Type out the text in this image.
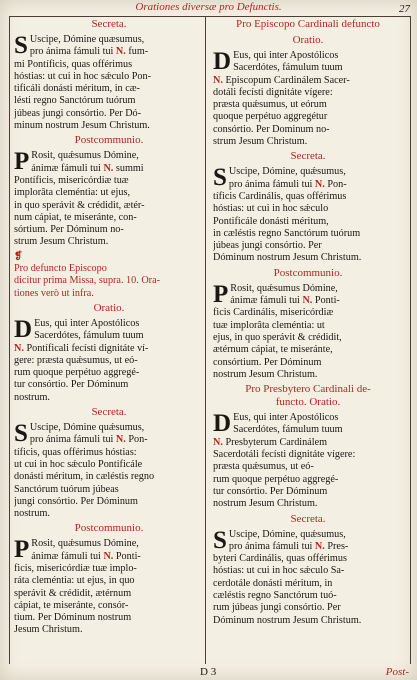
Orationes diversæ pro Defunctis.	27
Secreta.
S Uscipe, Dómine quæsumus,
pro ánima fámuli tui N. fum-
mi Pontíficis, quas offérimus
hóstias: ut cui in hoc sǽculo Pon-
tificáli donásti méritum, in cæ-
lésti regno Sanctórum tuórum
júbeas jungi consórtio. Per Dó-
minum nostrum Jesum Christum.
Postcommunio.
P Rosit, quǽsumus Dómine,
ánimæ fámuli tui N. summi
Pontíficis, misericórdiæ tuæ
implorâta cleméntia: ut ejus,
in quo sperávit & crédidit, ætér-
num cápiat, te miseránte, con-
sórtium. Per Dóminum no-
strum Jesum Christum.
❡
Pro defuncto Episcopo
dicitur prima Missa, supra. 10. Ora-
tiones verò ut infra.
Oratio.
D Eus, qui inter Apostólicos
Sacerdótes, fámulum tuum
N. Pontíficali fecísti dignitáte ví-
gere: præsta quǽsumus, ut eó-
rum quoque perpétuo aggregé-
tur consórtio. Per Dóminum
nostrum.
Secreta.
S Uscipe, Dómine quǽsumus,
pro ánima fámuli tui N. Pon-
tíficis, quas offérimus hóstias:
ut cui in hoc sǽculo Pontificále
donásti méritum, in cæléstis regno
Sanctórum tuórum júbeas
jungi consórtio. Per Dóminum
nostrum.
Postcommunio.
P Rosit, quǽsumus Dómine,
ánimæ fámuli tui N. Ponti-
ficis, misericórdiæ tuæ implo-
ráta cleméntia: ut ejus, in quo
sperávit & crédidit, ætérnum
cápiat, te miseránte, consór-
tium. Per Dóminum nostrum
Jesum Christum.
Pro Episcopo Cardinali defuncto
Oratio.
D Eus, qui inter Apostólicos
Sacerdótes, fámulum tuum
N. Episcopum Cardinálem Sacer-
dotáli fecísti dignitáte vígere:
præsta quǽsumus, ut eórum
quoque perpétuo aggregétur
consórtio. Per Dominum no-
strum Jesum Christum.
Secreta.
S Uscipe, Dómine, quǽsumus,
pro ánima fámuli tui N. Pon-
tíficis Cardinális, quas offérimus
hóstias: ut cui in hoc sǽculo
Pontificále donásti méritum,
in cæléstis regno Sanctórum tuórum
júbeas jungi consórtio. Per
Dóminum nostrum Jesum Christum.
Postcommunio.
P Rosit, quǽsumus Dómine,
ánimæ fámuli tui N. Ponti-
ficis Cardinális, misericórdiæ
tuæ implorâta cleméntia: ut
ejus, in quo sperávit & crédidit,
ætérnum cápiat, te miseránte,
consórtium. Per Dóminum
nostrum Jesum Christum.
Pro Presbytero Cardinali de-
functo. Oratio.
D Eus, qui inter Apostólicos
Sacerdótes, fámulum tuum
N. Presbyterum Cardinálem
Sacerdotáli fecísti dignitáte vígere:
præsta quǽsumus, ut eó-
rum quoque perpétuo aggregé-
tur consórtio. Per Dóminum
nostrum Jesum Christum.
Secreta.
S Uscipe, Dómine, quǽsumus,
pro ánima fámuli tui N. Pres-
byteri Cardinális, quas offérimus
hóstias: ut cui in hoc sǽculo Sa-
cerdotále donásti méritum, in
cæléstis regno Sanctórum tuó-
rum júbeas jungi consórtio. Per
Dóminum nostrum Jesum Christum.
D 3	Post-
